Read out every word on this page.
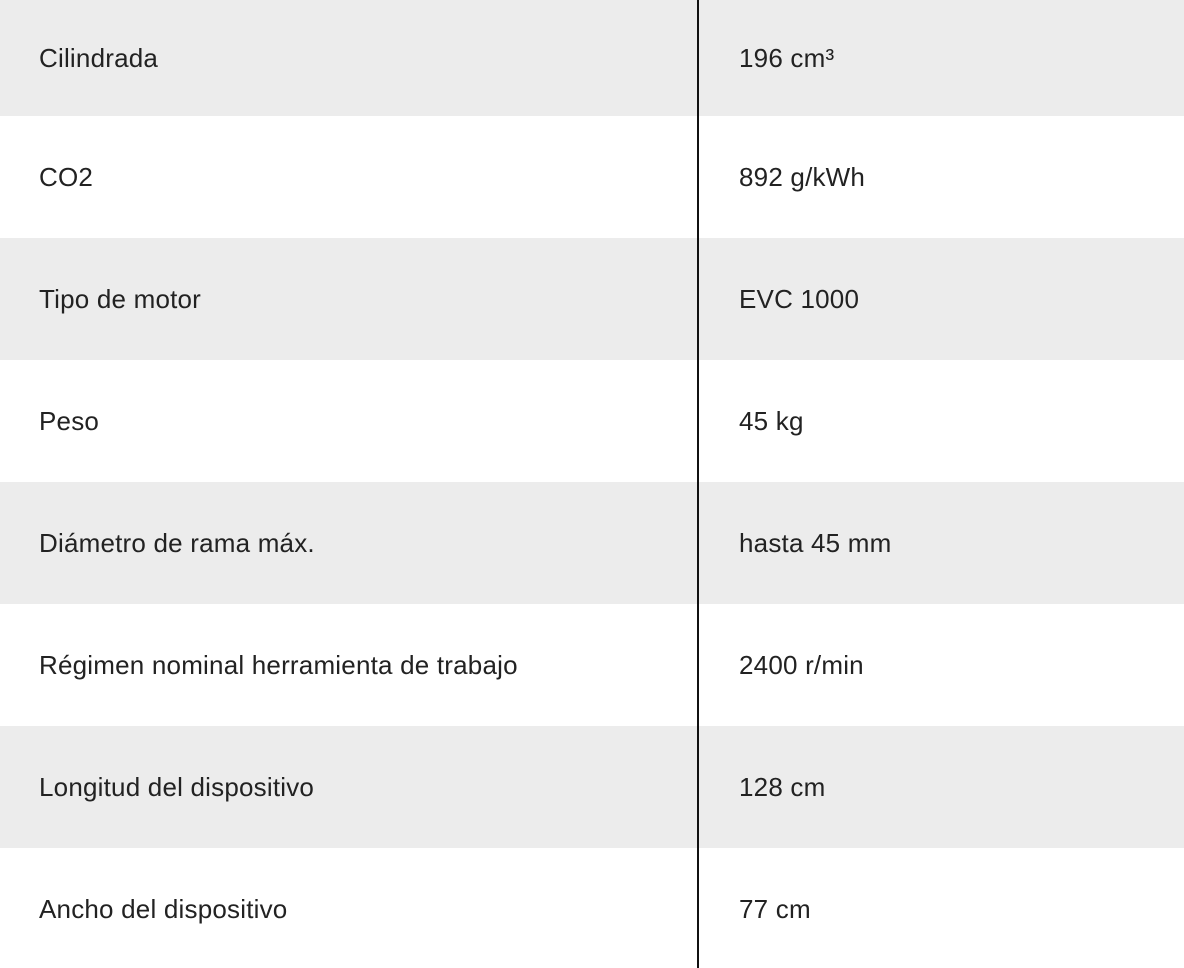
Cilindrada	196 cm³
CO2	892 g/kWh
Tipo de motor	EVC 1000
Peso	45 kg
Diámetro de rama máx.	hasta 45 mm
Régimen nominal herramienta de trabajo	2400 r/min
Longitud del dispositivo	128 cm
Ancho del dispositivo	77 cm
